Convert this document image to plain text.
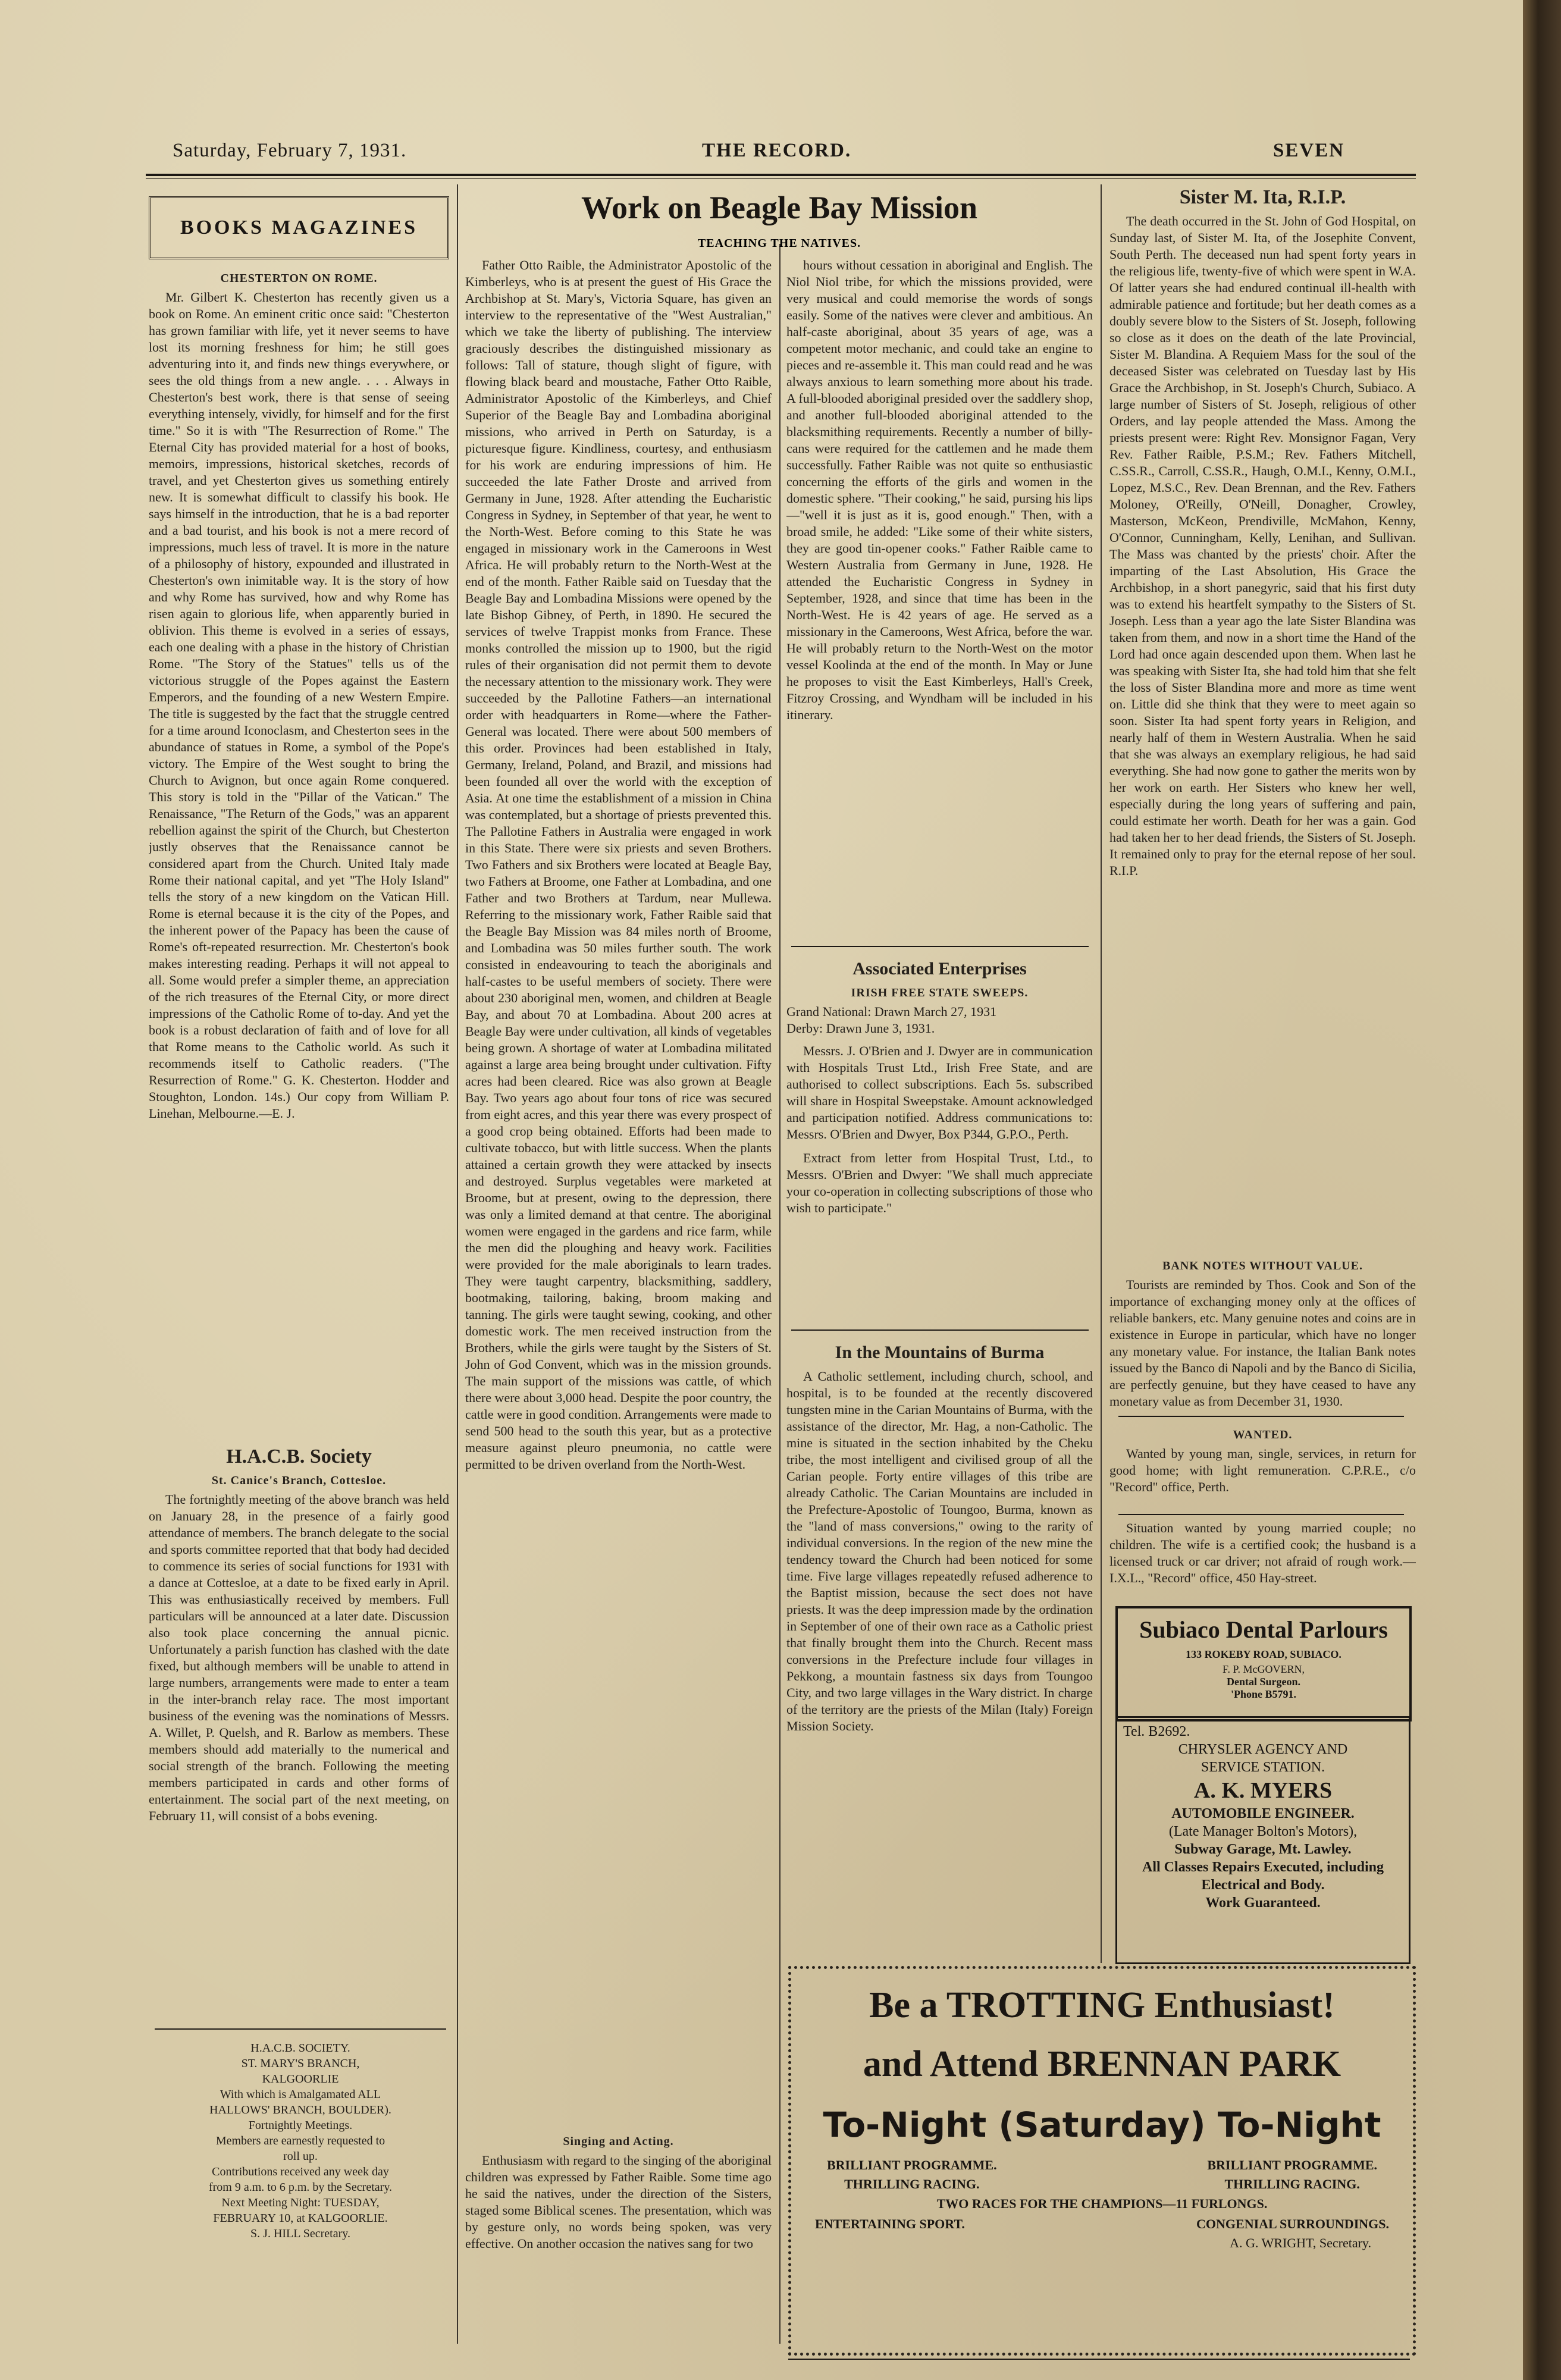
Saturday, February 7, 1931.	THE RECORD.	SEVEN
BOOKS MAGAZINES
CHESTERTON ON ROME.

Mr. Gilbert K. Chesterton has recently given us a book on Rome. An eminent critic once said: "Chesterton has grown familiar with life, yet it never seems to have lost its morning freshness for him; he still goes adventuring into it, and finds new things everywhere, or sees the old things from a new angle. . . . Always in Chesterton's best work, there is that sense of seeing everything intensely, vividly, for himself and for the first time." So it is with "The Resurrection of Rome." The Eternal City has provided material for a host of books, memoirs, impressions, historical sketches, records of travel, and yet Chesterton gives us something entirely new. It is somewhat difficult to classify his book. He says himself in the introduction, that he is a bad reporter and a bad tourist, and his book is not a mere record of impressions, much less of travel. It is more in the nature of a philosophy of history, expounded and illustrated in Chesterton's own inimitable way. It is the story of how and why Rome has survived, how and why Rome has risen again to glorious life, when apparently buried in oblivion. This theme is evolved in a series of essays, each one dealing with a phase in the history of Christian Rome. "The Story of the Statues" tells us of the victorious struggle of the Popes against the Eastern Emperors, and the founding of a new Western Empire. The title is suggested by the fact that the struggle centred for a time around Iconoclasm, and Chesterton sees in the abundance of statues in Rome, a symbol of the Pope's victory. The Empire of the West sought to bring the Church to Avignon, but once again Rome conquered. This story is told in the "Pillar of the Vatican." The Renaissance, "The Return of the Gods," was an apparent rebellion against the spirit of the Church, but Chesterton justly observes that the Renaissance cannot be considered apart from the Church. United Italy made Rome their national capital, and yet "The Holy Island" tells the story of a new kingdom on the Vatican Hill. Rome is eternal because it is the city of the Popes, and the inherent power of the Papacy has been the cause of Rome's oft-repeated resurrection. Mr. Chesterton's book makes interesting reading. Perhaps it will not appeal to all. Some would prefer a simpler theme, an appreciation of the rich treasures of the Eternal City, or more direct impressions of the Catholic Rome of to-day. And yet the book is a robust declaration of faith and of love for all that Rome means to the Catholic world. As such it recommends itself to Catholic readers. ("The Resurrection of Rome." G. K. Chesterton. Hodder and Stoughton, London. 14s.) Our copy from William P. Linehan, Melbourne.—E. J.

H.A.C.B. Society
St. Canice's Branch, Cottesloe.

The fortnightly meeting of the above branch was held on January 28, in the presence of a fairly good attendance of members. The branch delegate to the social and sports committee reported that that body had decided to commence its series of social functions for 1931 with a dance at Cottesloe, at a date to be fixed early in April. This was enthusiastically received by members. Full particulars will be announced at a later date. Discussion also took place concerning the annual picnic. Unfortunately a parish function has clashed with the date fixed, but although members will be unable to attend in large numbers, arrangements were made to enter a team in the inter-branch relay race. The most important business of the evening was the nominations of Messrs. A. Willet, P. Quelsh, and R. Barlow as members. These members should add materially to the numerical and social strength of the branch. Following the meeting members participated in cards and other forms of entertainment. The social part of the next meeting, on February 11, will consist of a bobs evening.

H.A.C.B. SOCIETY.
ST. MARY'S BRANCH,
KALGOORLIE
With which is Amalgamated ALL
HALLOWS' BRANCH, BOULDER).
Fortnightly Meetings.
Members are earnestly requested to
roll up.
Contributions received any week day
from 9 a.m. to 6 p.m. by the Secretary.
Next Meeting Night: TUESDAY,
FEBRUARY 10, at KALGOORLIE.
S. J. HILL Secretary.
Work on Beagle Bay Mission
TEACHING THE NATIVES.

Father Otto Raible, the Administrator Apostolic of the Kimberleys, who is at present the guest of His Grace the Archbishop at St. Mary's, Victoria Square, has given an interview to the representative of the "West Australian," which we take the liberty of publishing. The interview graciously describes the distinguished missionary as follows: Tall of stature, though slight of figure, with flowing black beard and moustache, Father Otto Raible, Administrator Apostolic of the Kimberleys, and Chief Superior of the Beagle Bay and Lombadina aboriginal missions, who arrived in Perth on Saturday, is a picturesque figure. Kindliness, courtesy, and enthusiasm for his work are enduring impressions of him. He succeeded the late Father Droste and arrived from Germany in June, 1928. After attending the Eucharistic Congress in Sydney, in September of that year, he went to the North-West. Before coming to this State he was engaged in missionary work in the Cameroons in West Africa. He will probably return to the North-West at the end of the month. Father Raible said on Tuesday that the Beagle Bay and Lombadina Missions were opened by the late Bishop Gibney, of Perth, in 1890. He secured the services of twelve Trappist monks from France. These monks controlled the mission up to 1900, but the rigid rules of their organisation did not permit them to devote the necessary attention to the missionary work. They were succeeded by the Pallotine Fathers—an international order with headquarters in Rome—where the Father-General was located. There were about 500 members of this order. Provinces had been established in Italy, Germany, Ireland, Poland, and Brazil, and missions had been founded all over the world with the exception of Asia. At one time the establishment of a mission in China was contemplated, but a shortage of priests prevented this. The Pallotine Fathers in Australia were engaged in work in this State. There were six priests and seven Brothers. Two Fathers and six Brothers were located at Beagle Bay, two Fathers at Broome, one Father at Lombadina, and one Father and two Brothers at Tardum, near Mullewa. Referring to the missionary work, Father Raible said that the Beagle Bay Mission was 84 miles north of Broome, and Lombadina was 50 miles further south. The work consisted in endeavouring to teach the aboriginals and half-castes to be useful members of society. There were about 230 aboriginal men, women, and children at Beagle Bay, and about 70 at Lombadina. About 200 acres at Beagle Bay were under cultivation, all kinds of vegetables being grown. A shortage of water at Lombadina militated against a large area being brought under cultivation. Fifty acres had been cleared. Rice was also grown at Beagle Bay. Two years ago about four tons of rice was secured from eight acres, and this year there was every prospect of a good crop being obtained. Efforts had been made to cultivate tobacco, but with little success. When the plants attained a certain growth they were attacked by insects and destroyed. Surplus vegetables were marketed at Broome, but at present, owing to the depression, there was only a limited demand at that centre. The aboriginal women were engaged in the gardens and rice farm, while the men did the ploughing and heavy work. Facilities were provided for the male aboriginals to learn trades. They were taught carpentry, blacksmithing, saddlery, bootmaking, tailoring, baking, broom making and tanning. The girls were taught sewing, cooking, and other domestic work. The men received instruction from the Brothers, while the girls were taught by the Sisters of St. John of God Convent, which was in the mission grounds. The main support of the missions was cattle, of which there were about 3,000 head. Despite the poor country, the cattle were in good condition. Arrangements were made to send 500 head to the south this year, but as a protective measure against pleuro pneumonia, no cattle were permitted to be driven overland from the North-West.

Singing and Acting.

Enthusiasm with regard to the singing of the aboriginal children was expressed by Father Raible. Some time ago he said the natives, under the direction of the Sisters, staged some Biblical scenes. The presentation, which was by gesture only, no words being spoken, was very effective. On another occasion the natives sang for two

hours without cessation in aboriginal and English. The Niol Niol tribe, for which the missions provided, were very musical and could memorise the words of songs easily. Some of the natives were clever and ambitious. An half-caste aboriginal, about 35 years of age, was a competent motor mechanic, and could take an engine to pieces and re-assemble it. This man could read and he was always anxious to learn something more about his trade. A full-blooded aboriginal presided over the saddlery shop, and another full-blooded aboriginal attended to the blacksmithing requirements. Recently a number of billy-cans were required for the cattlemen and he made them successfully. Father Raible was not quite so enthusiastic concerning the efforts of the girls and women in the domestic sphere. "Their cooking," he said, pursing his lips—"well it is just as it is, good enough." Then, with a broad smile, he added: "Like some of their white sisters, they are good tin-opener cooks." Father Raible came to Western Australia from Germany in June, 1928. He attended the Eucharistic Congress in Sydney in September, 1928, and since that time has been in the North-West. He is 42 years of age. He served as a missionary in the Cameroons, West Africa, before the war. He will probably return to the North-West on the motor vessel Koolinda at the end of the month. In May or June he proposes to visit the East Kimberleys, Hall's Creek, Fitzroy Crossing, and Wyndham will be included in his itinerary.

Associated Enterprises
IRISH FREE STATE SWEEPS.
Grand National: Drawn March 27, 1931
Derby: Drawn June 3, 1931.

Messrs. J. O'Brien and J. Dwyer are in communication with Hospitals Trust Ltd., Irish Free State, and are authorised to collect subscriptions. Each 5s. subscribed will share in Hospital Sweepstake. Amount acknowledged and participation notified. Address communications to: Messrs. O'Brien and Dwyer, Box P344, G.P.O., Perth.

Extract from letter from Hospital Trust, Ltd., to Messrs. O'Brien and Dwyer: "We shall much appreciate your co-operation in collecting subscriptions of those who wish to participate."

In the Mountains of Burma

A Catholic settlement, including church, school, and hospital, is to be founded at the recently discovered tungsten mine in the Carian Mountains of Burma, with the assistance of the director, Mr. Hag, a non-Catholic. The mine is situated in the section inhabited by the Cheku tribe, the most intelligent and civilised group of all the Carian people. Forty entire villages of this tribe are already Catholic. The Carian Mountains are included in the Prefecture-Apostolic of Toungoo, Burma, known as the "land of mass conversions," owing to the rarity of individual conversions. In the region of the new mine the tendency toward the Church had been noticed for some time. Five large villages repeatedly refused adherence to the Baptist mission, because the sect does not have priests. It was the deep impression made by the ordination in September of one of their own race as a Catholic priest that finally brought them into the Church. Recent mass conversions in the Prefecture include four villages in Pekkong, a mountain fastness six days from Toungoo City, and two large villages in the Wary district. In charge of the territory are the priests of the Milan (Italy) Foreign Mission Society.

Sister M. Ita, R.I.P.

The death occurred in the St. John of God Hospital, on Sunday last, of Sister M. Ita, of the Josephite Convent, South Perth. The deceased nun had spent forty years in the religious life, twenty-five of which were spent in W.A. Of latter years she had endured continual ill-health with admirable patience and fortitude; but her death comes as a doubly severe blow to the Sisters of St. Joseph, following so close as it does on the death of the late Provincial, Sister M. Blandina. A Requiem Mass for the soul of the deceased Sister was celebrated on Tuesday last by His Grace the Archbishop, in St. Joseph's Church, Subiaco. A large number of Sisters of St. Joseph, religious of other Orders, and lay people attended the Mass. Among the priests present were: Right Rev. Monsignor Fagan, Very Rev. Father Raible, P.S.M.; Rev. Fathers Mitchell, C.SS.R., Carroll, C.SS.R., Haugh, O.M.I., Kenny, O.M.I., Lopez, M.S.C., Rev. Dean Brennan, and the Rev. Fathers Moloney, O'Reilly, O'Neill, Donagher, Crowley, Masterson, McKeon, Prendiville, McMahon, Kenny, O'Connor, Cunningham, Kelly, Lenihan, and Sullivan. The Mass was chanted by the priests' choir. After the imparting of the Last Absolution, His Grace the Archbishop, in a short panegyric, said that his first duty was to extend his heartfelt sympathy to the Sisters of St. Joseph. Less than a year ago the late Sister Blandina was taken from them, and now in a short time the Hand of the Lord had once again descended upon them. When last he was speaking with Sister Ita, she had told him that she felt the loss of Sister Blandina more and more as time went on. Little did she think that they were to meet again so soon. Sister Ita had spent forty years in Religion, and nearly half of them in Western Australia. When he said that she was always an exemplary religious, he had said everything. She had now gone to gather the merits won by her work on earth. Her Sisters who knew her well, especially during the long years of suffering and pain, could estimate her worth. Death for her was a gain. God had taken her to her dead friends, the Sisters of St. Joseph. It remained only to pray for the eternal repose of her soul. R.I.P.

BANK NOTES WITHOUT VALUE.

Tourists are reminded by Thos. Cook and Son of the importance of exchanging money only at the offices of reliable bankers, etc. Many genuine notes and coins are in existence in Europe in particular, which have no longer any monetary value. For instance, the Italian Bank notes issued by the Banco di Napoli and by the Banco di Sicilia, are perfectly genuine, but they have ceased to have any monetary value as from December 31, 1930.

WANTED.

Wanted by young man, single, services, in return for good home; with light remuneration. C.P.R.E., c/o "Record" office, Perth.

Situation wanted by young married couple; no children. The wife is a certified cook; the husband is a licensed truck or car driver; not afraid of rough work.—I.X.L., "Record" office, 450 Hay-street.

Subiaco Dental Parlours
133 ROKEBY ROAD, SUBIACO.
F. P. McGOVERN,
Dental Surgeon.
'Phone B5791.
Tel. B2692.
CHRYSLER AGENCY AND
SERVICE STATION.
A. K. MYERS
AUTOMOBILE ENGINEER.
(Late Manager Bolton's Motors),
Subway Garage, Mt. Lawley.
All Classes Repairs Executed, including Electrical and Body.
Work Guaranteed.
Be a TROTTING Enthusiast!
and Attend BRENNAN PARK
To-Night (Saturday) To-Night
BRILLIANT PROGRAMME.
THRILLING RACING.
BRILLIANT PROGRAMME.
THRILLING RACING.
TWO RACES FOR THE CHAMPIONS—11 FURLONGS.
ENTERTAINING SPORT.	CONGENIAL SURROUNDINGS.
A. G. WRIGHT, Secretary.
